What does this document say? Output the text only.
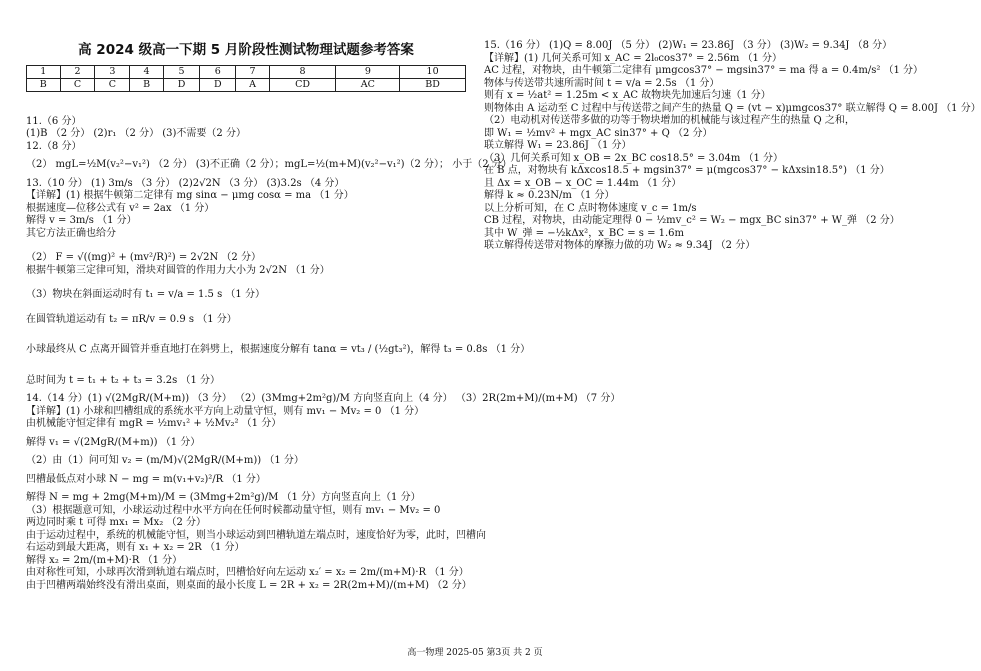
高 2024 级高一下期 5 月阶段性测试物理试题参考答案
1	2	3	4	5	6	7	8	9	10
B	C	C	B	D	D	A	CD	AC	BD
11.（6 分）
(1)B （2 分） (2)r₁ （2 分） (3)不需要（2 分）
12.（8 分）
（2） mgL=½M(v₂²−v₁²) （2 分） (3)不正确（2 分）；mgL=½(m+M)(v₂²−v₁²)（2 分）； 小于（2 分）
13.（10 分） (1) 3m/s （3 分） (2)2√2N （3 分） (3)3.2s （4 分）
【详解】(1) 根据牛顿第二定律有 mg sinα − μmg cosα = ma （1 分）
根据速度—位移公式有 v² = 2ax （1 分）
解得 v = 3m/s （1 分）
其它方法正确也给分
（2） F = √((mg)² + (mv²/R)²) = 2√2N （2 分）
根据牛顿第三定律可知，滑块对圆管的作用力大小为 2√2N （1 分）
（3）物块在斜面运动时有 t₁ = v/a = 1.5 s （1 分）
在圆管轨道运动有 t₂ = πR/v = 0.9 s （1 分）
小球最终从 C 点离开圆管并垂直地打在斜劈上，根据速度分解有 tanα = vt₃ / (½gt₃²)，解得 t₃ = 0.8s （1 分）
总时间为 t = t₁ + t₂ + t₃ = 3.2s （1 分）
14.（14 分）(1) √(2MgR/(M+m)) （3 分） （2）(3Mmg+2m²g)/M 方向竖直向上（4 分） （3）2R(2m+M)/(m+M) （7 分）
【详解】(1) 小球和凹槽组成的系统水平方向上动量守恒，则有 mv₁ − Mv₂ = 0 （1 分）
由机械能守恒定律有 mgR = ½mv₁² + ½Mv₂² （1 分）
解得 v₁ = √(2MgR/(M+m)) （1 分）
（2）由（1）问可知 v₂ = (m/M)√(2MgR/(M+m)) （1 分）
凹槽最低点对小球 N − mg = m(v₁+v₂)²/R （1 分）
解得 N = mg + 2mg(M+m)/M = (3Mmg+2m²g)/M （1 分）方向竖直向上（1 分）
（3）根据题意可知，小球运动过程中水平方向在任何时候都动量守恒，则有 mv₁ − Mv₂ = 0
两边同时乘 t 可得 mx₁ = Mx₂ （2 分）
由于运动过程中，系统的机械能守恒，则当小球运动到凹槽轨道左端点时，速度恰好为零，此时，凹槽向
右运动到最大距离，则有 x₁ + x₂ = 2R （1 分）
解得 x₂ = 2m/(m+M)·R （1 分）
由对称性可知，小球再次滑到轨道右端点时，凹槽恰好向左运动 x₂′ = x₂ = 2m/(m+M)·R （1 分）
由于凹槽两端始终没有滑出桌面，则桌面的最小长度 L = 2R + x₂ = 2R(2m+M)/(m+M) （2 分）
15.（16 分） (1)Q = 8.00J （5 分） (2)W₁ = 23.86J （3 分） (3)W₂ = 9.34J （8 分）
【详解】(1) 几何关系可知 x_AC = 2l₀cos37° = 2.56m （1 分）
AC 过程，对物块，由牛顿第二定律有 μmgcos37° − mgsin37° = ma 得 a = 0.4m/s² （1 分）
物体与传送带共速所需时间 t = v/a = 2.5s （1 分）
则有 x = ½at² = 1.25m < x_AC 故物块先加速后匀速（1 分）
则物体由 A 运动至 C 过程中与传送带之间产生的热量 Q = (vt − x)μmgcos37° 联立解得 Q = 8.00J （1 分）
（2）电动机对传送带多做的功等于物块增加的机械能与该过程产生的热量 Q 之和，
即 W₁ = ½mv² + mgx_AC sin37° + Q （2 分）
联立解得 W₁ = 23.86J （1 分）
（3）几何关系可知 x_OB = 2x_BC cos18.5° = 3.04m （1 分）
在 B 点，对物块有 kΔxcos18.5 + mgsin37° = μ(mgcos37° − kΔxsin18.5°) （1 分）
且 Δx = x_OB − x_OC = 1.44m （1 分）
解得 k ≈ 0.23N/m （1 分）
以上分析可知，在 C 点时物体速度 v_c = 1m/s
CB 过程，对物块，由动能定理得 0 − ½mv_c² = W₂ − mgx_BC sin37° + W_弹 （2 分）
其中 W_弹 = −½kΔx²，x_BC = s = 1.6m
联立解得传送带对物体的摩擦力做的功 W₂ ≈ 9.34J （2 分）
高一物理 2025-05 第3页 共 2 页
